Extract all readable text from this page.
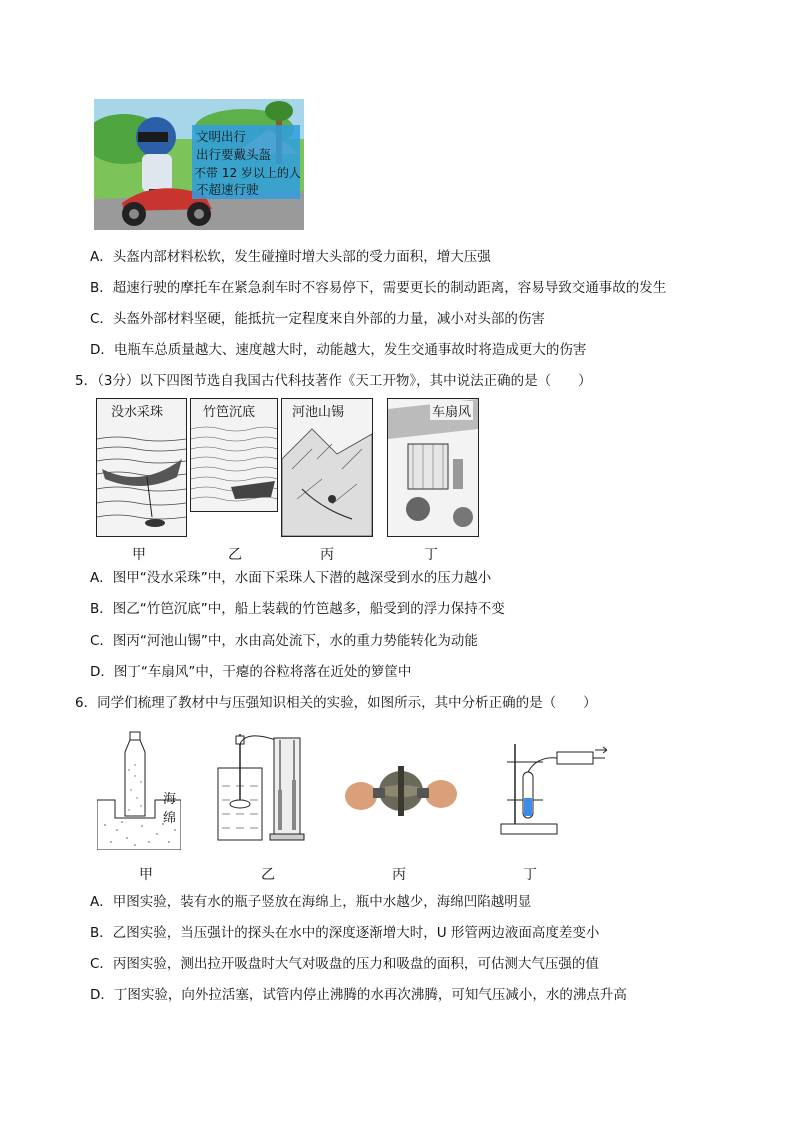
文明出行
出行要戴头盔
不带 12 岁以上的人
不超速行驶
A．头盔内部材料松软，发生碰撞时增大头部的受力面积，增大压强
B．超速行驶的摩托车在紧急刹车时不容易停下，需要更长的制动距离，容易导致交通事故的发生
C．头盔外部材料坚硬，能抵抗一定程度来自外部的力量，减小对头部的伤害
D．电瓶车总质量越大、速度越大时，动能越大，发生交通事故时将造成更大的伤害
5．（3分）以下四图节选自我国古代科技著作《天工开物》，其中说法正确的是（　　）
没水采珠	竹笆沉底	河池山锡	车扇风
甲	乙	丙	丁
A．图甲“没水采珠”中，水面下采珠人下潜的越深受到水的压力越小
B．图乙“竹笆沉底”中，船上装载的竹笆越多，船受到的浮力保持不变
C．图丙“河池山锡”中，水由高处流下，水的重力势能转化为动能
D．图丁“车扇风”中，干瘪的谷粒将落在近处的箩筐中
6．同学们梳理了教材中与压强知识相关的实验，如图所示，其中分析正确的是（　　）
海绵
甲	乙	丙	丁
A．甲图实验，装有水的瓶子竖放在海绵上，瓶中水越少，海绵凹陷越明显
B．乙图实验，当压强计的探头在水中的深度逐渐增大时，U 形管两边液面高度差变小
C．丙图实验，测出拉开吸盘时大气对吸盘的压力和吸盘的面积，可估测大气压强的值
D．丁图实验，向外拉活塞，试管内停止沸腾的水再次沸腾，可知气压减小，水的沸点升高
